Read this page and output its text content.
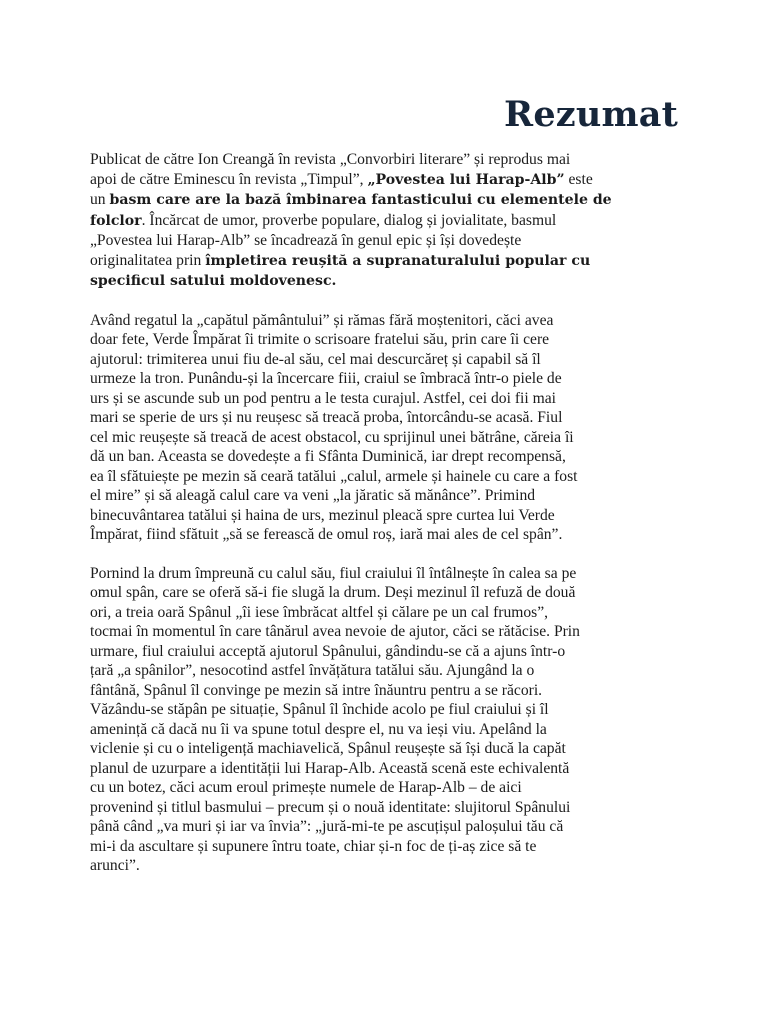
Rezumat

Publicat de către Ion Creangă în revista „Convorbiri literare” și reprodus mai
apoi de către Eminescu în revista „Timpul”, „Povestea lui Harap-Alb” este
un basm care are la bază îmbinarea fantasticului cu elementele de
folclor. Încărcat de umor, proverbe populare, dialog și jovialitate, basmul
„Povestea lui Harap-Alb” se încadrează în genul epic și își dovedește
originalitatea prin împletirea reușită a supranaturalului popular cu
specificul satului moldovenesc.

Având regatul la „capătul pământului” și rămas fără moștenitori, căci avea
doar fete, Verde Împărat îi trimite o scrisoare fratelui său, prin care îi cere
ajutorul: trimiterea unui fiu de-al său, cel mai descurcăreț și capabil să îl
urmeze la tron. Punându-și la încercare fiii, craiul se îmbracă într-o piele de
urs și se ascunde sub un pod pentru a le testa curajul. Astfel, cei doi fii mai
mari se sperie de urs și nu reușesc să treacă proba, întorcându-se acasă. Fiul
cel mic reușește să treacă de acest obstacol, cu sprijinul unei bătrâne, căreia îi
dă un ban. Aceasta se dovedește a fi Sfânta Duminică, iar drept recompensă,
ea îl sfătuiește pe mezin să ceară tatălui „calul, armele și hainele cu care a fost
el mire” și să aleagă calul care va veni „la jăratic să mănânce”. Primind
binecuvântarea tatălui și haina de urs, mezinul pleacă spre curtea lui Verde
Împărat, fiind sfătuit „să se ferească de omul roș, iară mai ales de cel spân”.

Pornind la drum împreună cu calul său, fiul craiului îl întâlnește în calea sa pe
omul spân, care se oferă să-i fie slugă la drum. Deși mezinul îl refuză de două
ori, a treia oară Spânul „îi iese îmbrăcat altfel și călare pe un cal frumos”,
tocmai în momentul în care tânărul avea nevoie de ajutor, căci se rătăcise. Prin
urmare, fiul craiului acceptă ajutorul Spânului, gândindu-se că a ajuns într-o
țară „a spânilor”, nesocotind astfel învățătura tatălui său. Ajungând la o
fântână, Spânul îl convinge pe mezin să intre înăuntru pentru a se răcori.
Văzându-se stăpân pe situație, Spânul îl închide acolo pe fiul craiului și îl
amenință că dacă nu îi va spune totul despre el, nu va ieși viu. Apelând la
viclenie și cu o inteligență machiavelică, Spânul reușește să își ducă la capăt
planul de uzurpare a identității lui Harap-Alb. Această scenă este echivalentă
cu un botez, căci acum eroul primește numele de Harap-Alb – de aici
provenind și titlul basmului – precum și o nouă identitate: slujitorul Spânului
până când „va muri și iar va învia”: „jură-mi-te pe ascuțișul paloșului tău că
mi-i da ascultare și supunere întru toate, chiar și-n foc de ți-aș zice să te
arunci”.
